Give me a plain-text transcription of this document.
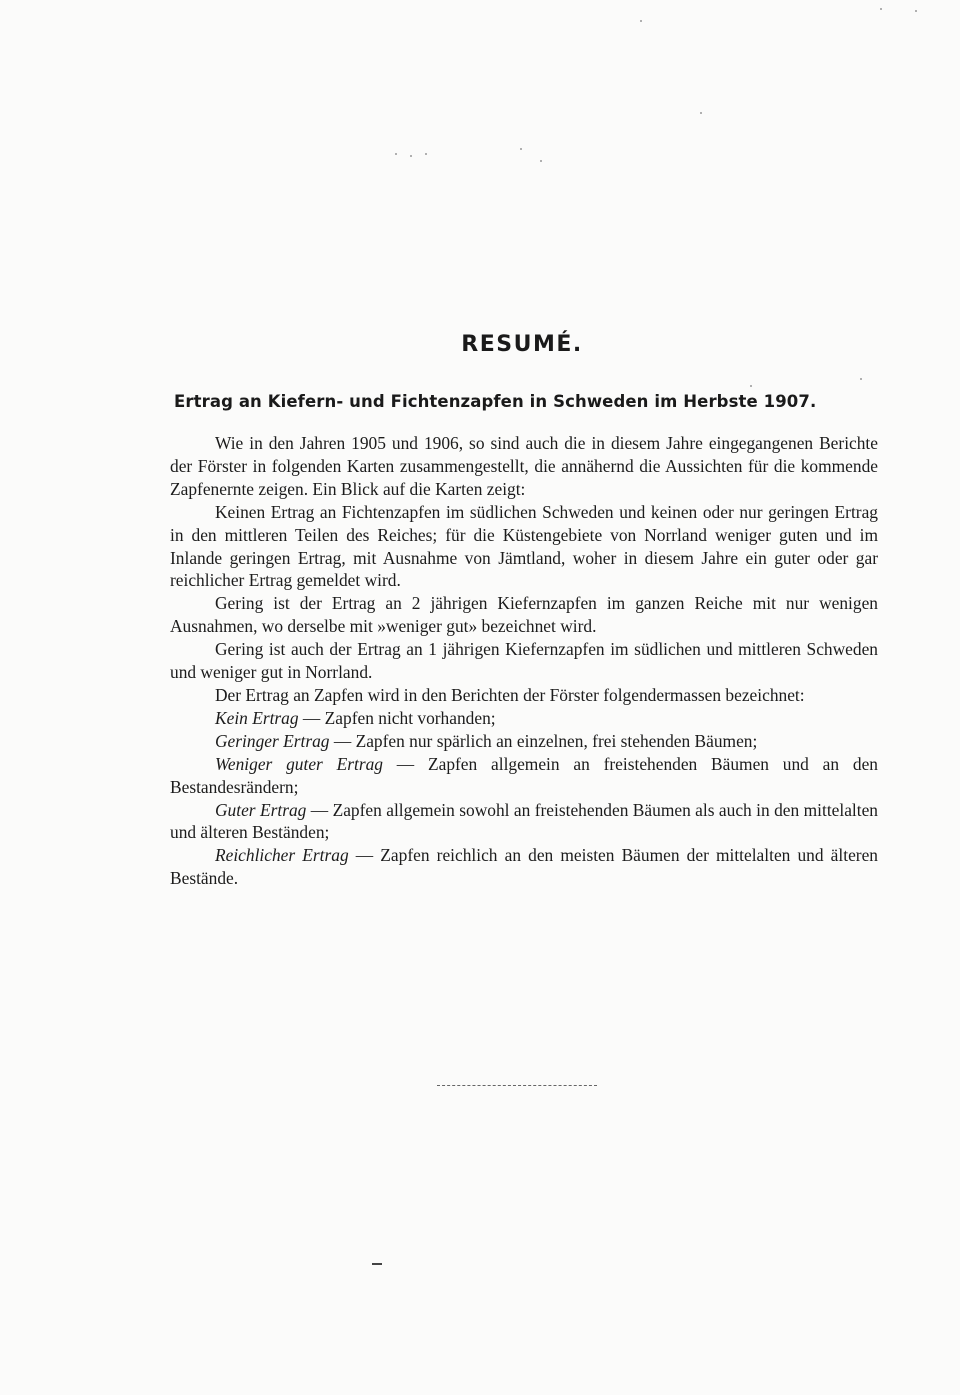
RESUMÉ.
Ertrag an Kiefern- und Fichtenzapfen in Schweden im Herbste 1907.

Wie in den Jahren 1905 und 1906, so sind auch die in diesem Jahre eingegangenen Berichte der Förster in folgenden Karten zusammengestellt, die annähernd die Aussichten für die kommende Zapfenernte zeigen. Ein Blick auf die Karten zeigt:

Keinen Ertrag an Fichtenzapfen im südlichen Schweden und keinen oder nur geringen Ertrag in den mittleren Teilen des Reiches; für die Küstengebiete von Norrland weniger guten und im Inlande geringen Ertrag, mit Ausnahme von Jämtland, woher in diesem Jahre ein guter oder gar reichlicher Ertrag gemeldet wird.

Gering ist der Ertrag an 2 jährigen Kiefernzapfen im ganzen Reiche mit nur wenigen Ausnahmen, wo derselbe mit »weniger gut» bezeichnet wird.

Gering ist auch der Ertrag an 1 jährigen Kiefernzapfen im südlichen und mittleren Schweden und weniger gut in Norrland.

Der Ertrag an Zapfen wird in den Berichten der Förster folgendermassen bezeichnet:

Kein Ertrag — Zapfen nicht vorhanden;

Geringer Ertrag — Zapfen nur spärlich an einzelnen, frei stehenden Bäumen;

Weniger guter Ertrag — Zapfen allgemein an freistehenden Bäumen und an den Bestandesrändern;

Guter Ertrag — Zapfen allgemein sowohl an freistehenden Bäumen als auch in den mittelalten und älteren Beständen;

Reichlicher Ertrag — Zapfen reichlich an den meisten Bäumen der mittelalten und älteren Bestände.
